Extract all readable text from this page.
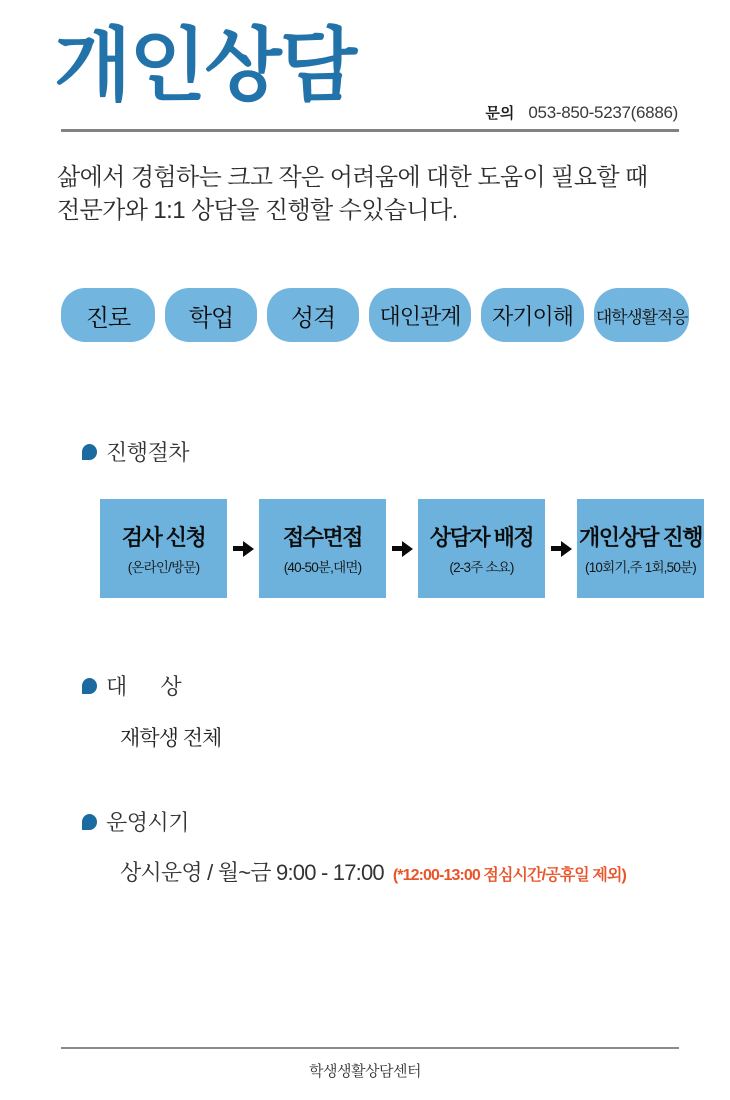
개인상담
문의 053-850-5237(6886)

삶에서 경험하는 크고 작은 어려움에 대한 도움이 필요할 때 전문가와 1:1 상담을 진행할 수있습니다.

진로	학업	성격	대인관계	자기이해	대학생활적응
진행절차
검사 신청
(온라인/방문)
접수면접
(40-50분,대면)
상담자 배정
(2-3주 소요)
개인상담 진행
(10회기,주 1회,50분)
대      상
재학생 전체
운영시기
상시운영 / 월~금 9:00 - 17:00 (*12:00-13:00 점심시간/공휴일 제외)
학생생활상담센터
